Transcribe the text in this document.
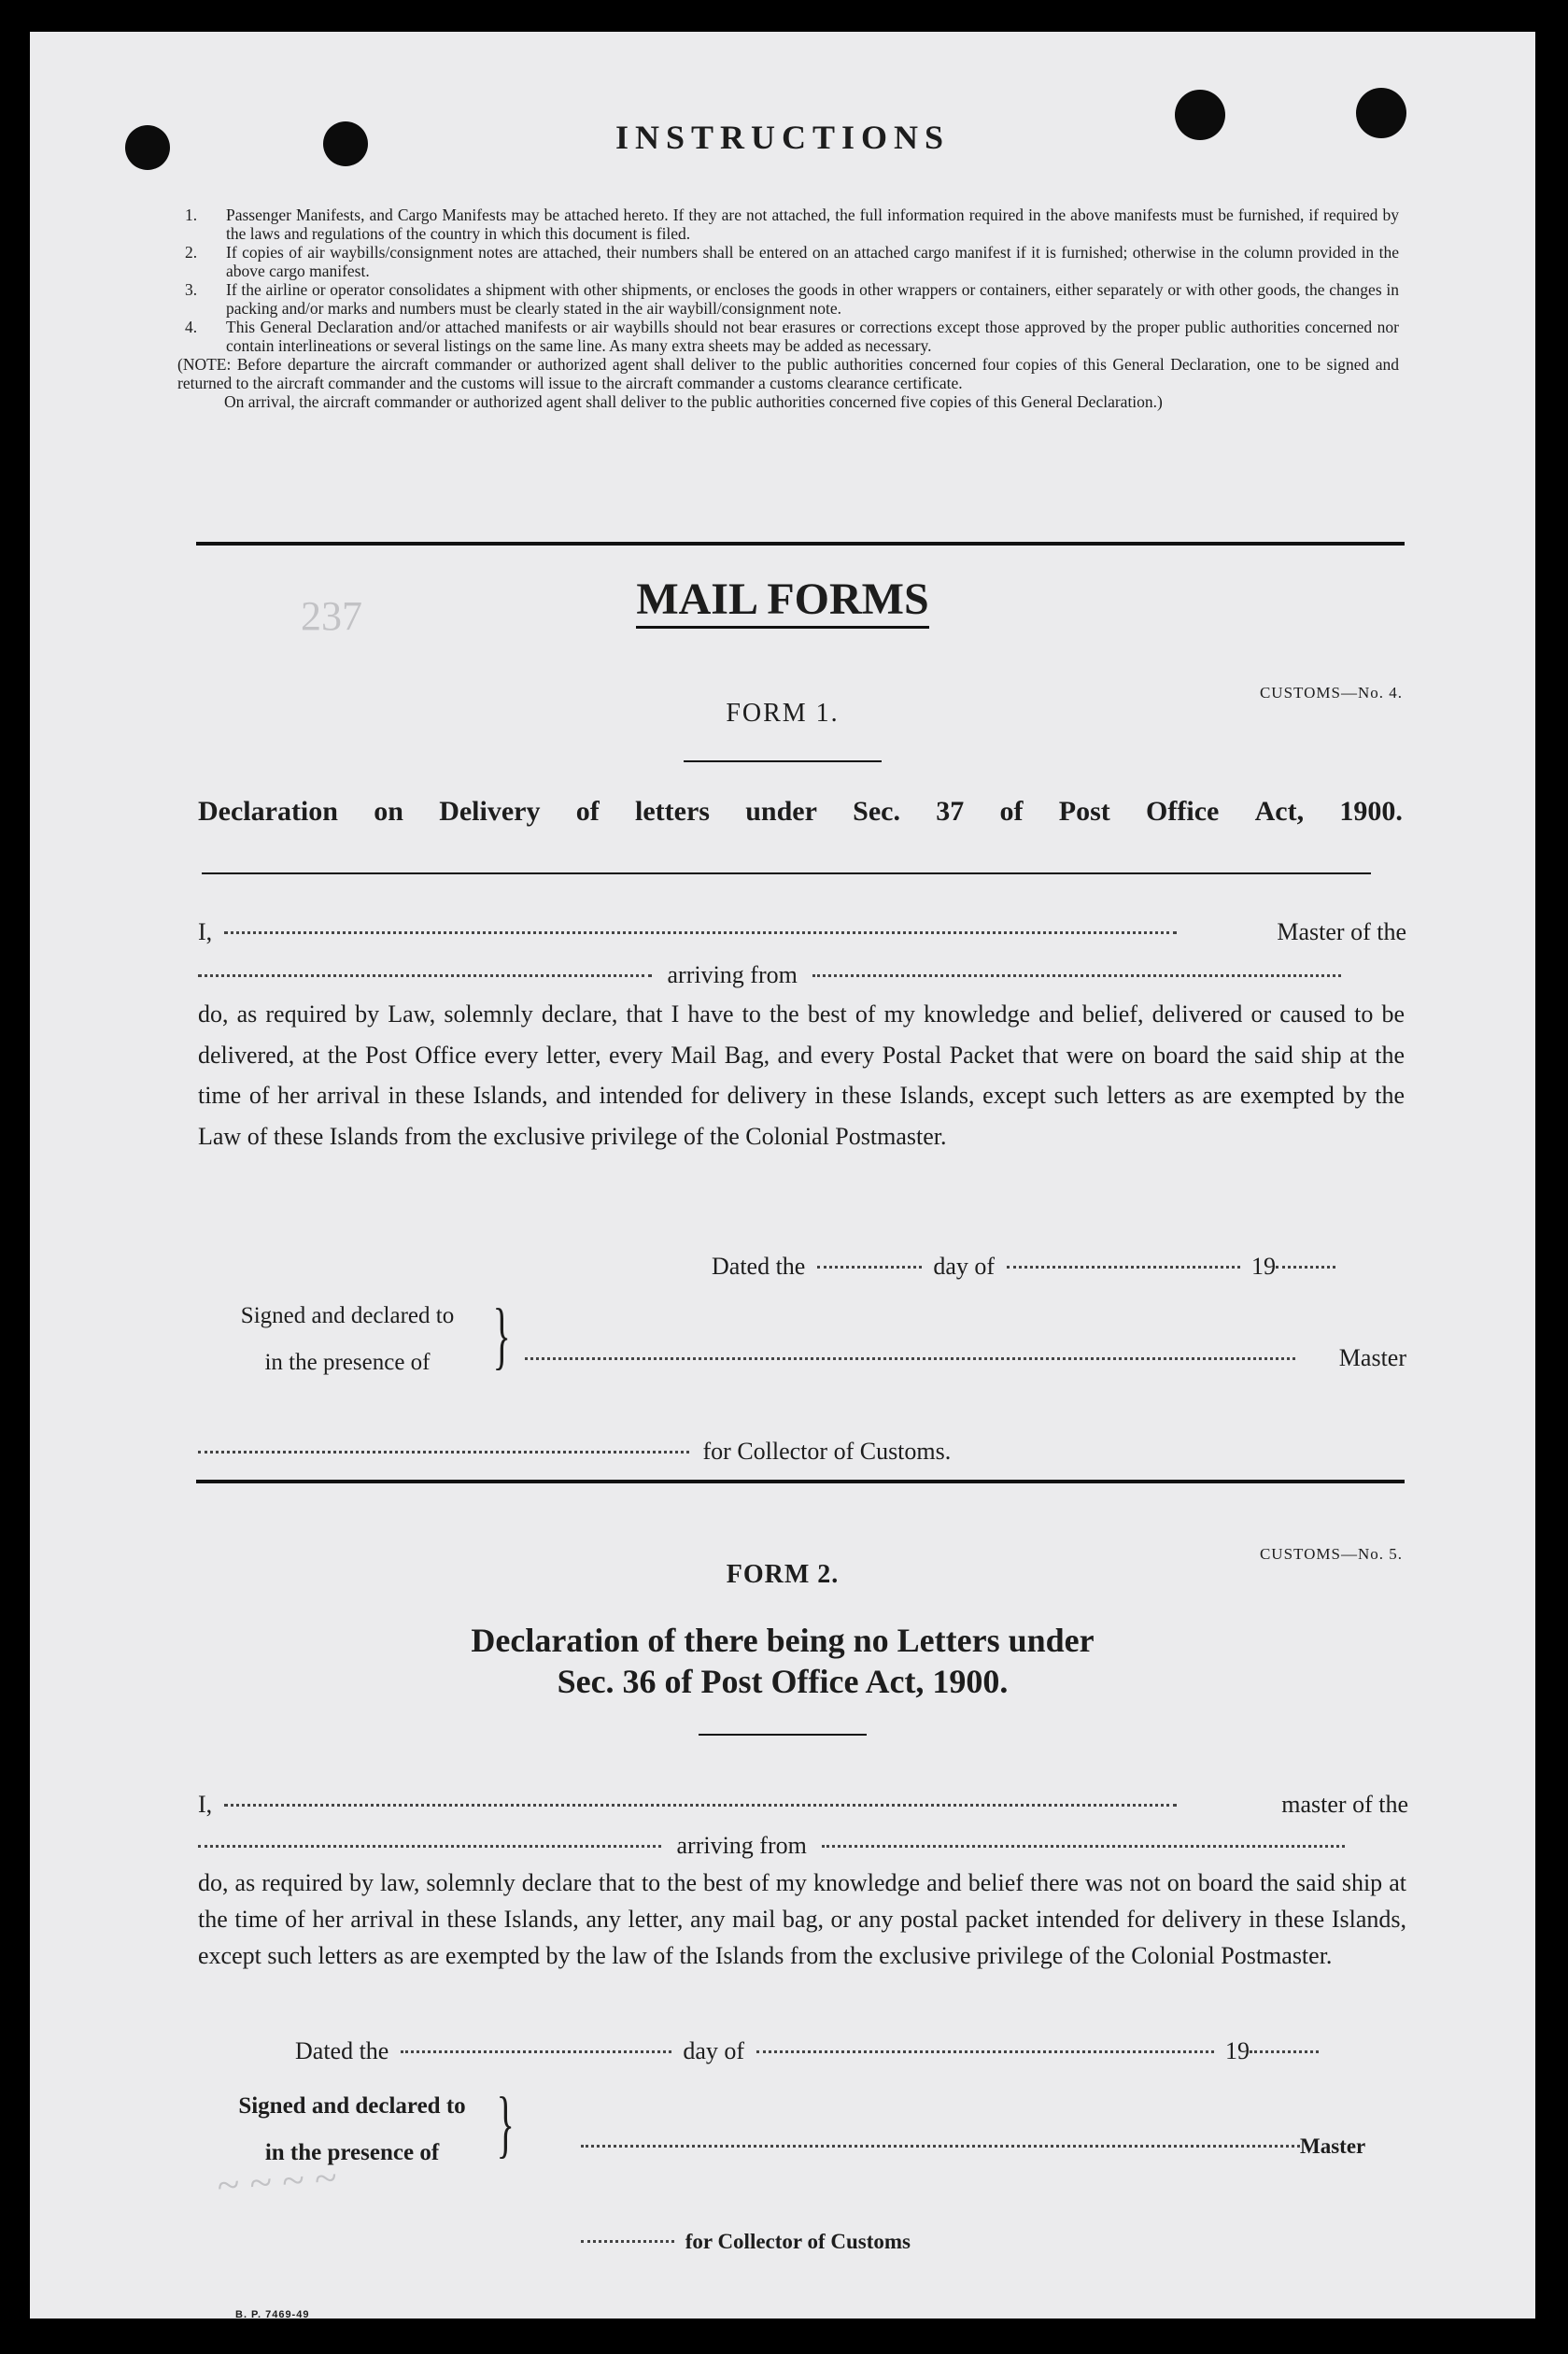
237
INSTRUCTIONS
1.	Passenger Manifests, and Cargo Manifests may be attached hereto. If they are not attached, the full information required in the above manifests must be furnished, if required by the laws and regulations of the country in which this document is filed.
2.	If copies of air waybills/consignment notes are attached, their numbers shall be entered on an attached cargo manifest if it is furnished; otherwise in the column provided in the above cargo manifest.
3.	If the airline or operator consolidates a shipment with other shipments, or encloses the goods in other wrappers or containers, either separately or with other goods, the changes in packing and/or marks and numbers must be clearly stated in the air waybill/consignment note.
4.	This General Declaration and/or attached manifests or air waybills should not bear erasures or corrections except those approved by the proper public authorities concerned nor contain interlineations or several listings on the same line. As many extra sheets may be added as necessary.
(NOTE: Before departure the aircraft commander or authorized agent shall deliver to the public authorities concerned four copies of this General Declaration, one to be signed and returned to the aircraft commander and the customs will issue to the aircraft commander a customs clearance certificate.
On arrival, the aircraft commander or authorized agent shall deliver to the public authorities concerned five copies of this General Declaration.)
MAIL FORMS
CUSTOMS—No. 4.
FORM 1.
Declaration on Delivery of letters under Sec. 37 of Post Office Act, 1900.
I,	Master of the
arriving from
do, as required by Law, solemnly declare, that I have to the best of my knowledge and belief, delivered or caused to be delivered, at the Post Office every letter, every Mail Bag, and every Postal Packet that were on board the said ship at the time of her arrival in these Islands, and intended for delivery in these Islands, except such letters as are exempted by the Law of these Islands from the exclusive privilege of the Colonial Postmaster.
Dated the	day of	19
Signed and declared to
in the presence of }	Master
for Collector of Customs.
CUSTOMS—No. 5.
FORM 2.
Declaration of there being no Letters under
Sec. 36 of Post Office Act, 1900.
I,	master of the
arriving from
do, as required by law, solemnly declare that to the best of my knowledge and belief there was not on board the said ship at the time of her arrival in these Islands, any letter, any mail bag, or any postal packet intended for delivery in these Islands, except such letters as are exempted by the law of the Islands from the exclusive privilege of the Colonial Postmaster.
Dated the	day of	19
Signed and declared to
in the presence of }	Master
~ ~ ~ ~
for Collector of Customs
B. P. 7469-49
